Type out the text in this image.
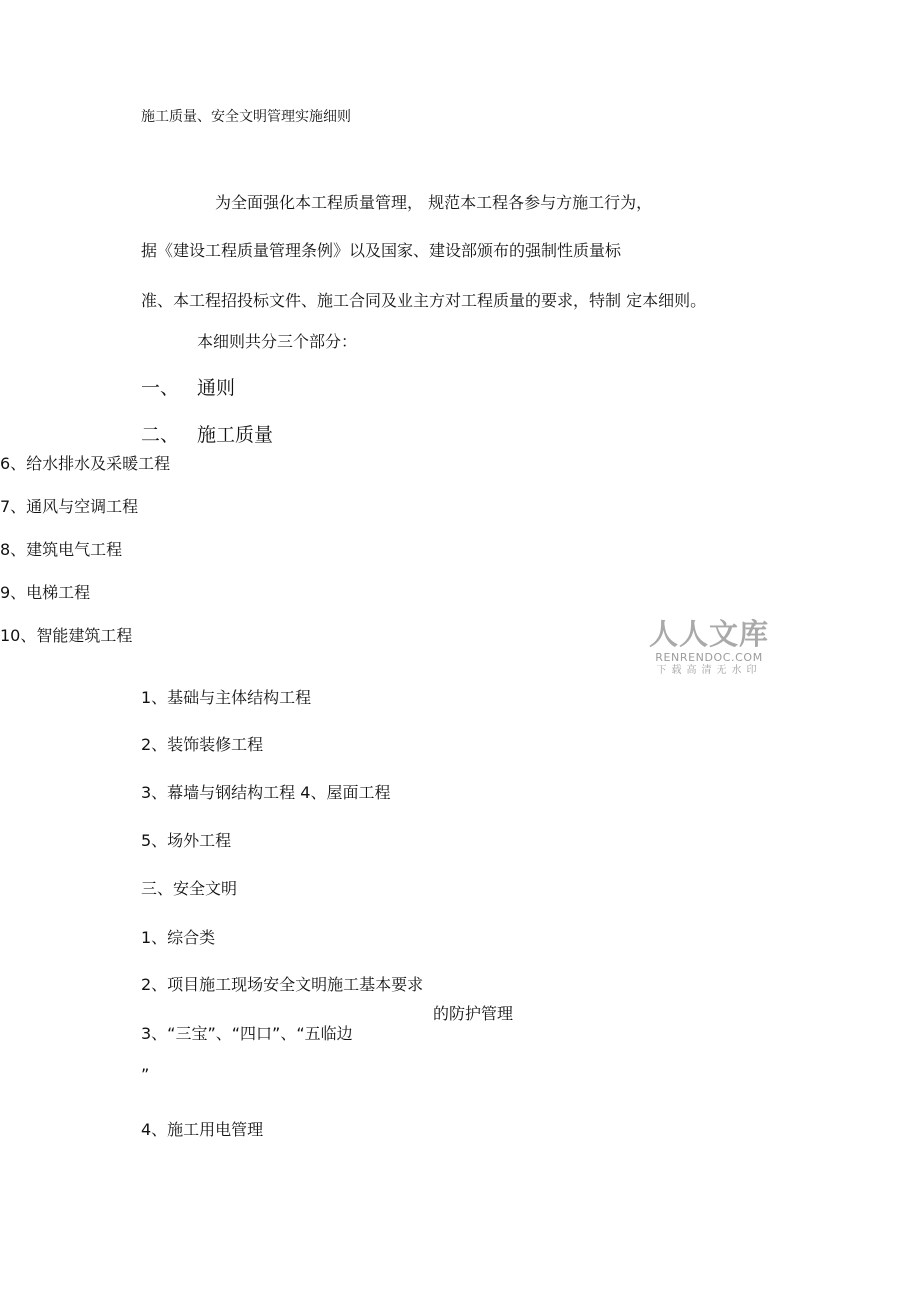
施工质量、安全文明管理实施细则
为全面强化本工程质量管理， 规范本工程各参与方施工行为，
据《建设工程质量管理条例》以及国家、建设部颁布的强制性质量标
准、本工程招投标文件、施工合同及业主方对工程质量的要求，特制 定本细则。
本细则共分三个部分：
一、 通则
二、 施工质量
6、给水排水及采暖工程
7、通风与空调工程
8、建筑电气工程
9、电梯工程
10、智能建筑工程	人人文库
RENRENDOC.COM
下载高清无水印
1、基础与主体结构工程
2、装饰装修工程
3、幕墙与钢结构工程 4、屋面工程
5、场外工程
三、安全文明
1、综合类
2、项目施工现场安全文明施工基本要求
的防护管理
3、“三宝”、“四口”、“五临边
”
4、施工用电管理
